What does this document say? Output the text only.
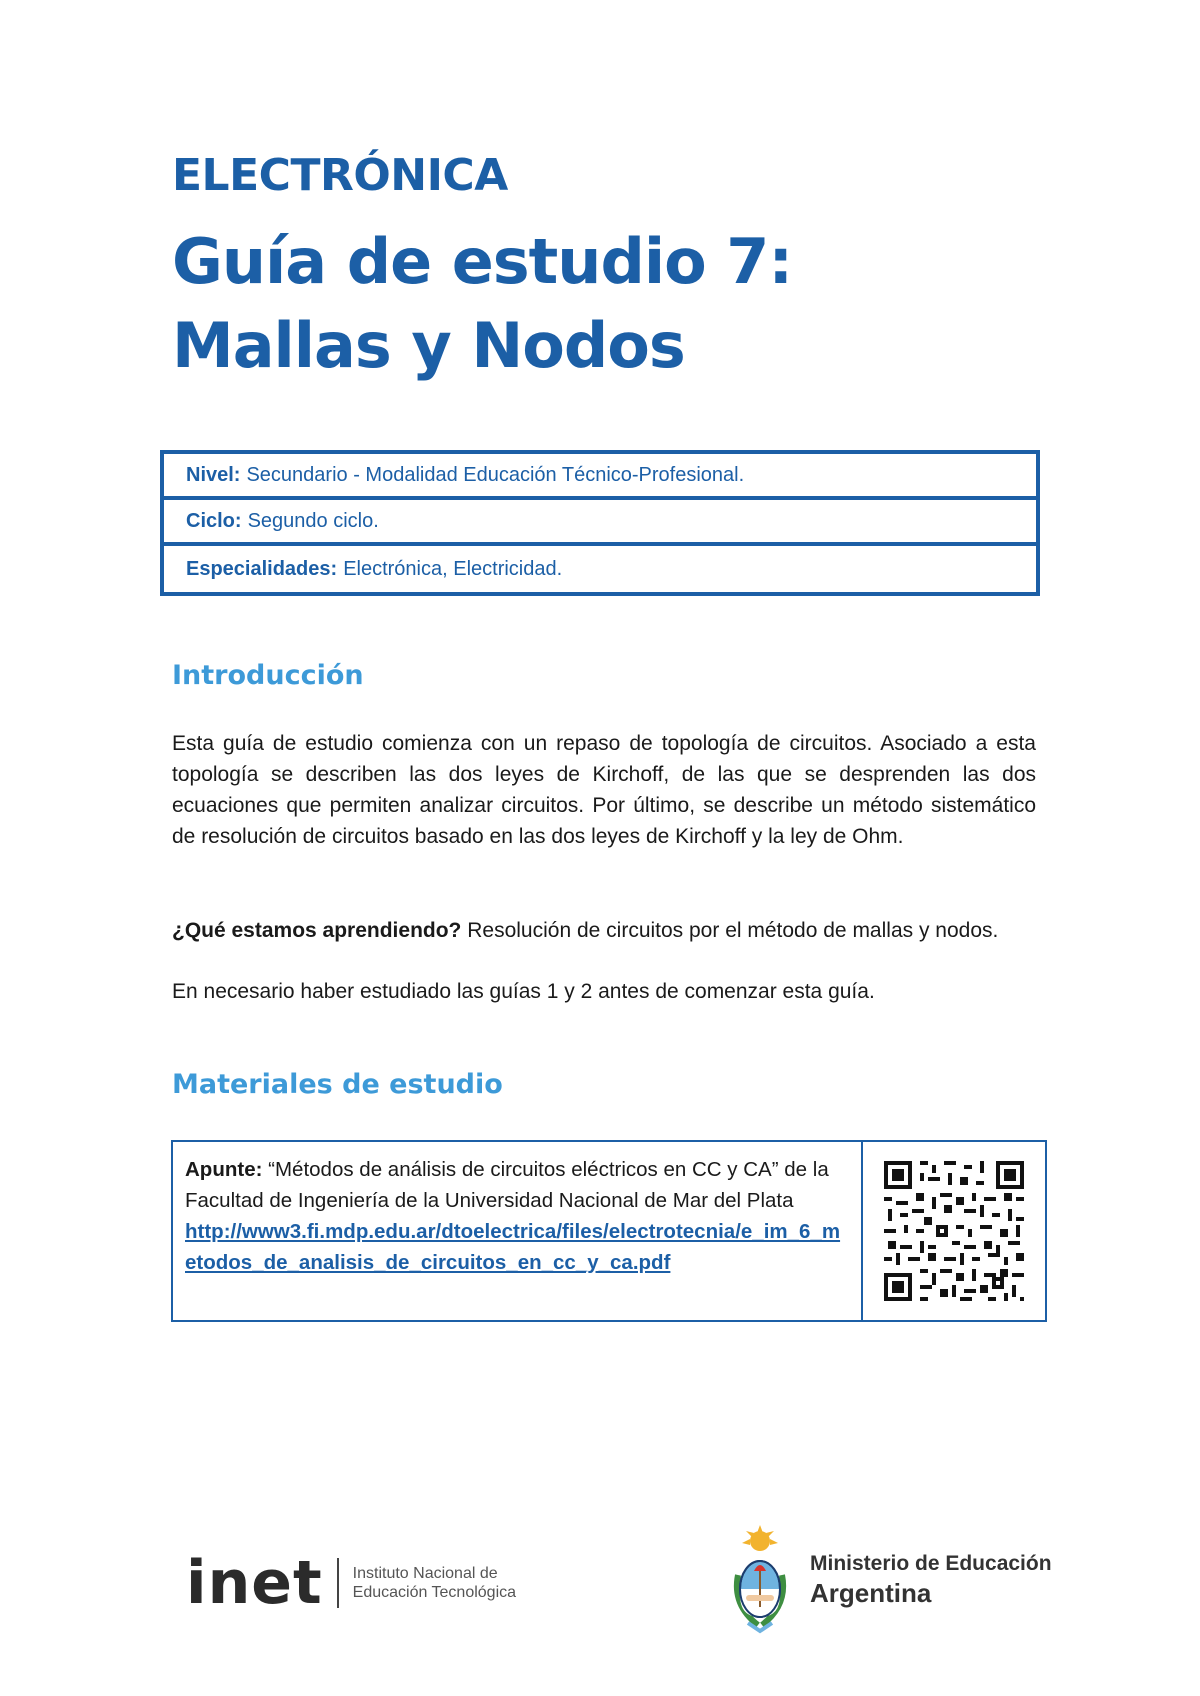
ELECTRÓNICA
Guía de estudio 7:
Mallas y Nodos
Nivel: Secundario - Modalidad Educación Técnico-Profesional.
Ciclo: Segundo ciclo.
Especialidades: Electrónica, Electricidad.
Introducción
Esta guía de estudio comienza con un repaso de topología de circuitos. Asociado a esta topología se describen las dos leyes de Kirchoff, de las que se desprenden las dos ecuaciones que permiten analizar circuitos. Por último, se describe un método sistemático de resolución de circuitos basado en las dos leyes de Kirchoff y la ley de Ohm.
¿Qué estamos aprendiendo? Resolución de circuitos por el método de mallas y nodos.
En necesario haber estudiado las guías 1 y 2 antes de comenzar esta guía.
Materiales de estudio
Apunte: “Métodos de análisis de circuitos eléctricos en CC y CA” de la Facultad de Ingeniería de la Universidad Nacional de Mar del Plata
http://www3.fi.mdp.edu.ar/dtoelectrica/files/electrotecnia/e_im_6_metodos_de_analisis_de_circuitos_en_cc_y_ca.pdf
inet Instituto Nacional de
Educación Tecnológica
Ministerio de Educación
Argentina
